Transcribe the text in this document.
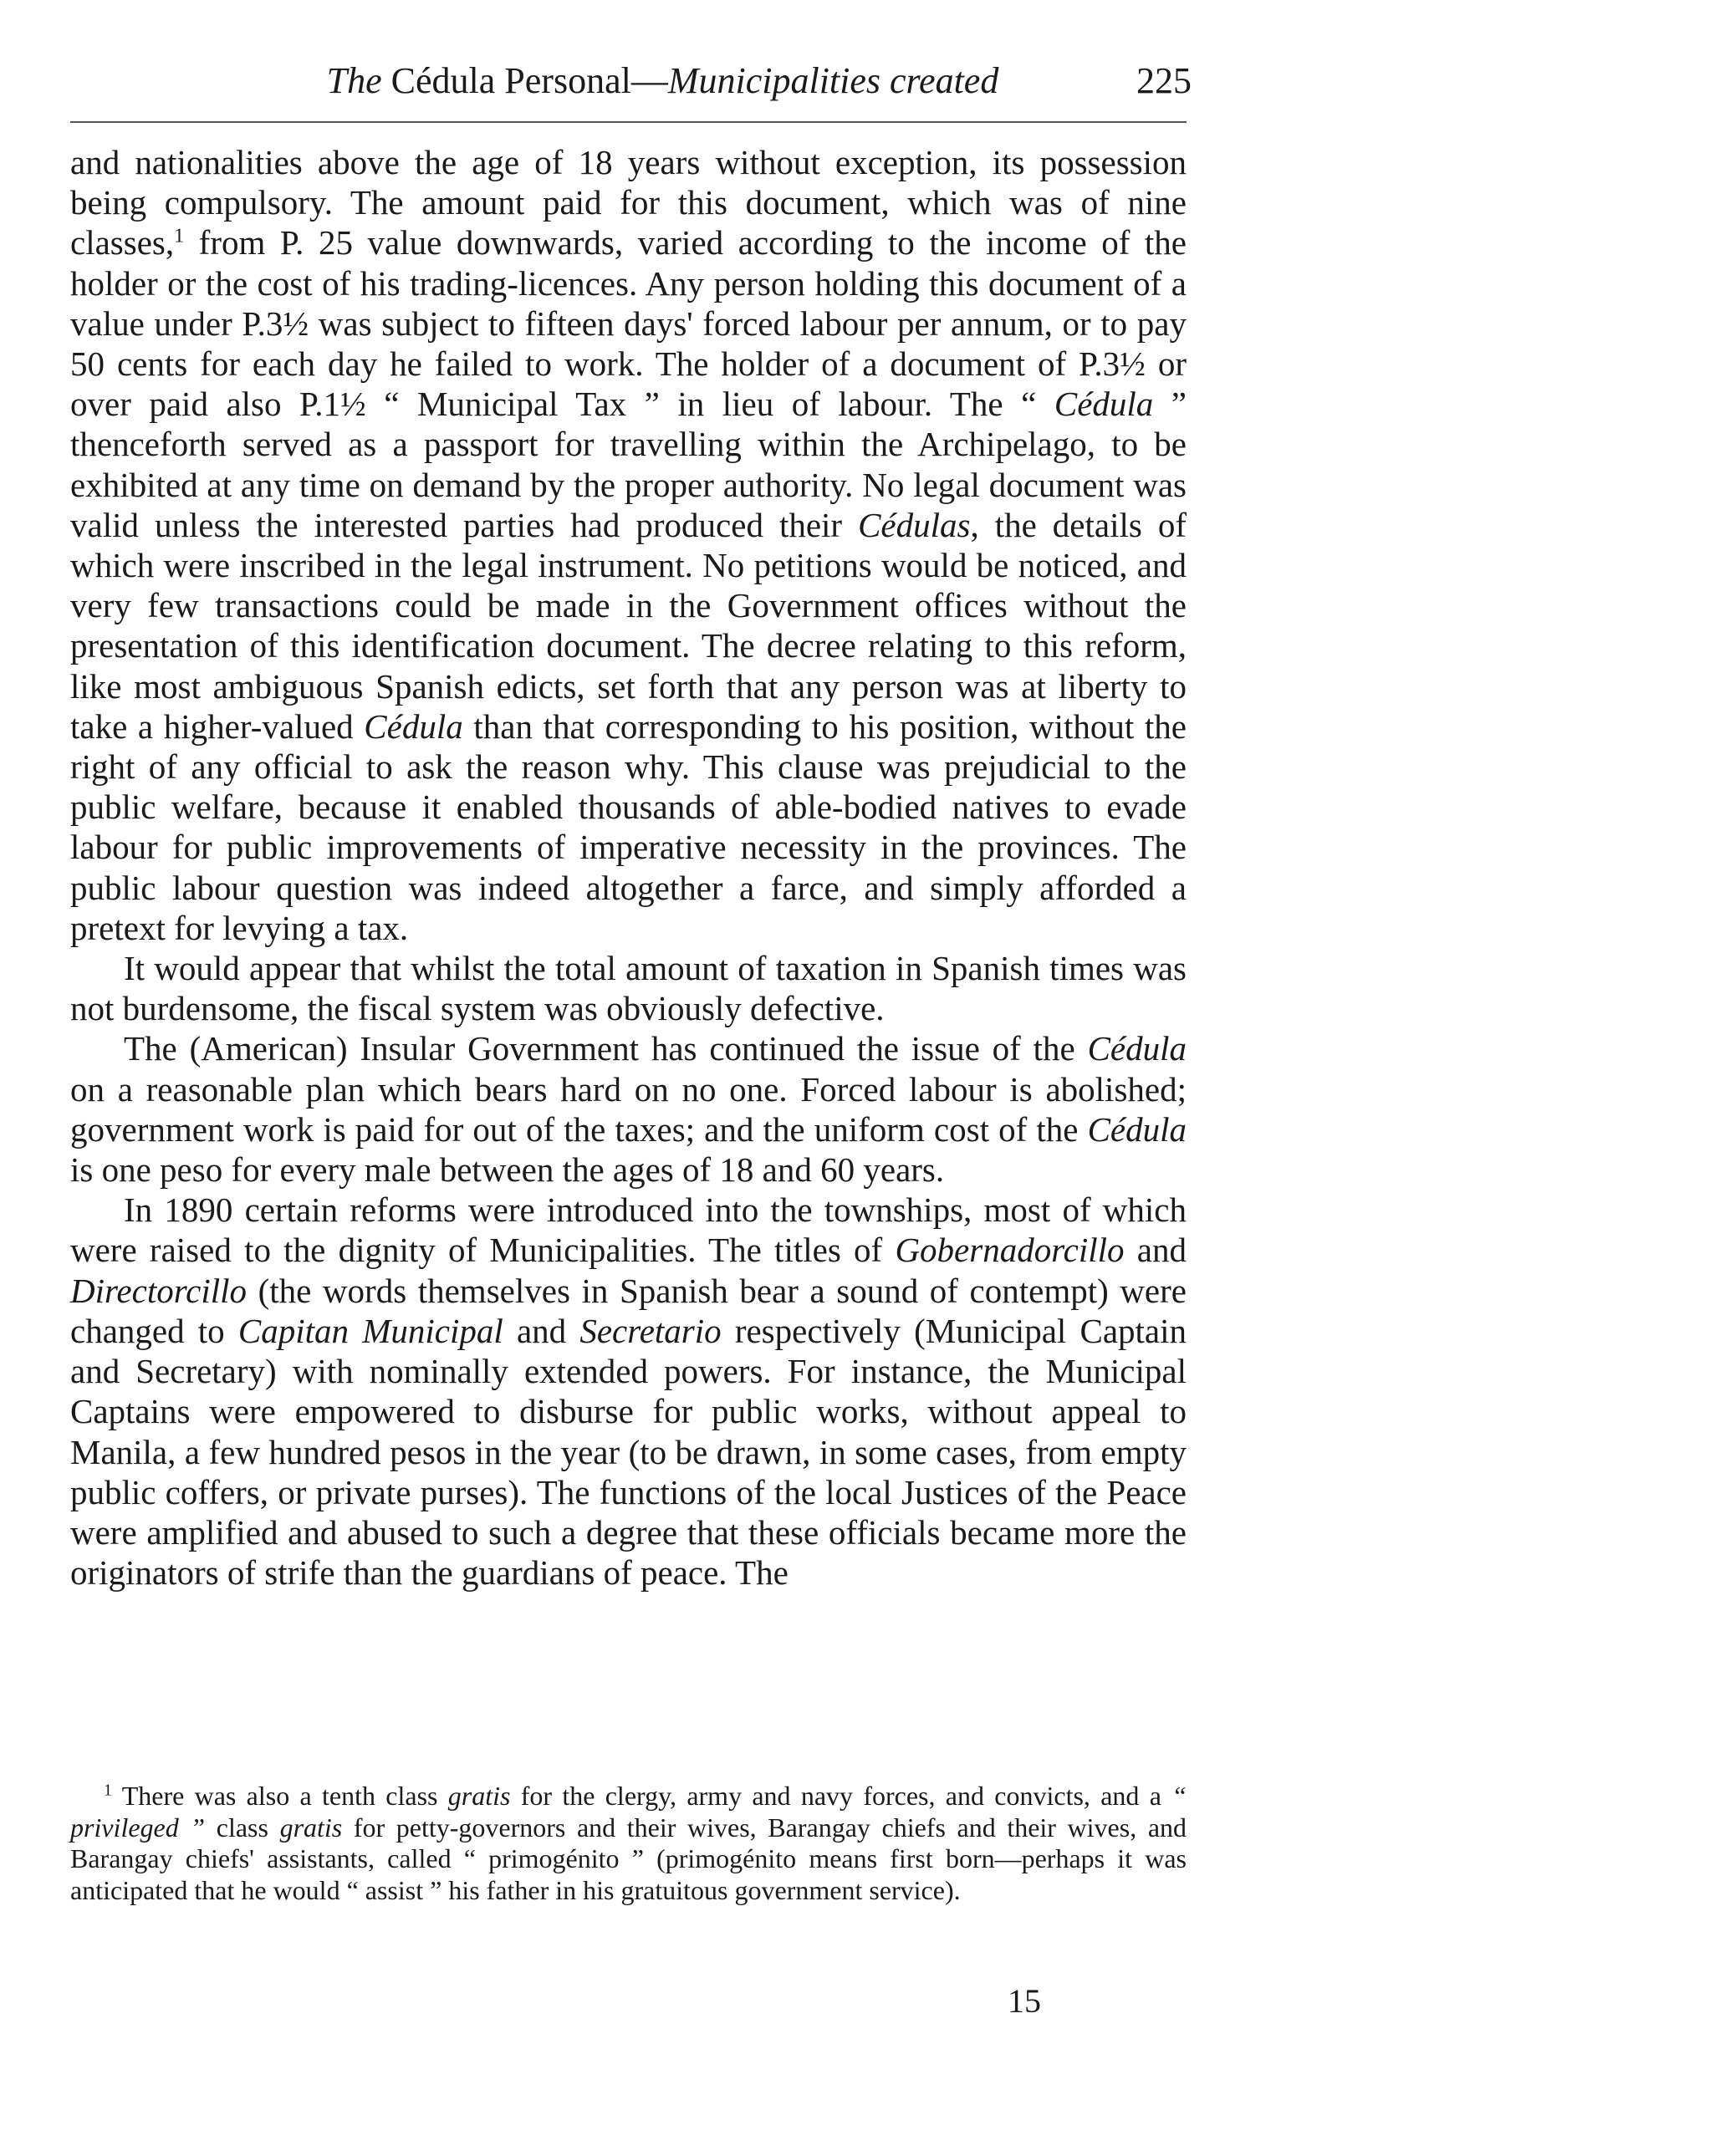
The Cédula Personal—Municipalities created	225

and nationalities above the age of 18 years without exception, its possession being compulsory. The amount paid for this document, which was of nine classes,$^1$ from P. 25 value downwards, varied according to the income of the holder or the cost of his trading-licences. Any person holding this document of a value under P.3½ was subject to fifteen days' forced labour per annum, or to pay 50 cents for each day he failed to work. The holder of a document of P.3½ or over paid also P.1½ “ Municipal Tax ” in lieu of labour. The “ Cédula ” thenceforth served as a passport for travelling within the Archipelago, to be exhibited at any time on demand by the proper authority. No legal document was valid unless the interested parties had produced their Cédulas, the details of which were inscribed in the legal instrument. No petitions would be noticed, and very few transactions could be made in the Government offices without the presentation of this identification document. The decree relating to this reform, like most ambiguous Spanish edicts, set forth that any person was at liberty to take a higher-valued Cédula than that corresponding to his position, without the right of any official to ask the reason why. This clause was prejudicial to the public welfare, because it enabled thousands of able-bodied natives to evade labour for public improvements of imperative necessity in the provinces. The public labour question was indeed altogether a farce, and simply afforded a pretext for levying a tax.

It would appear that whilst the total amount of taxation in Spanish times was not burdensome, the fiscal system was obviously defective.

The (American) Insular Government has continued the issue of the Cédula on a reasonable plan which bears hard on no one. Forced labour is abolished; government work is paid for out of the taxes; and the uniform cost of the Cédula is one peso for every male between the ages of 18 and 60 years.

In 1890 certain reforms were introduced into the townships, most of which were raised to the dignity of Municipalities. The titles of Gobernadorcillo and Directorcillo (the words themselves in Spanish bear a sound of contempt) were changed to Capitan Municipal and Secretario respectively (Municipal Captain and Secretary) with nominally extended powers. For instance, the Municipal Captains were empowered to disburse for public works, without appeal to Manila, a few hundred pesos in the year (to be drawn, in some cases, from empty public coffers, or private purses). The functions of the local Justices of the Peace were amplified and abused to such a degree that these officials became more the originators of strife than the guardians of peace. The

$^1$ There was also a tenth class gratis for the clergy, army and navy forces, and convicts, and a “ privileged ” class gratis for petty-governors and their wives, Barangay chiefs and their wives, and Barangay chiefs' assistants, called “ primogénito ” (primogénito means first born—perhaps it was anticipated that he would “ assist ” his father in his gratuitous government service).

15
